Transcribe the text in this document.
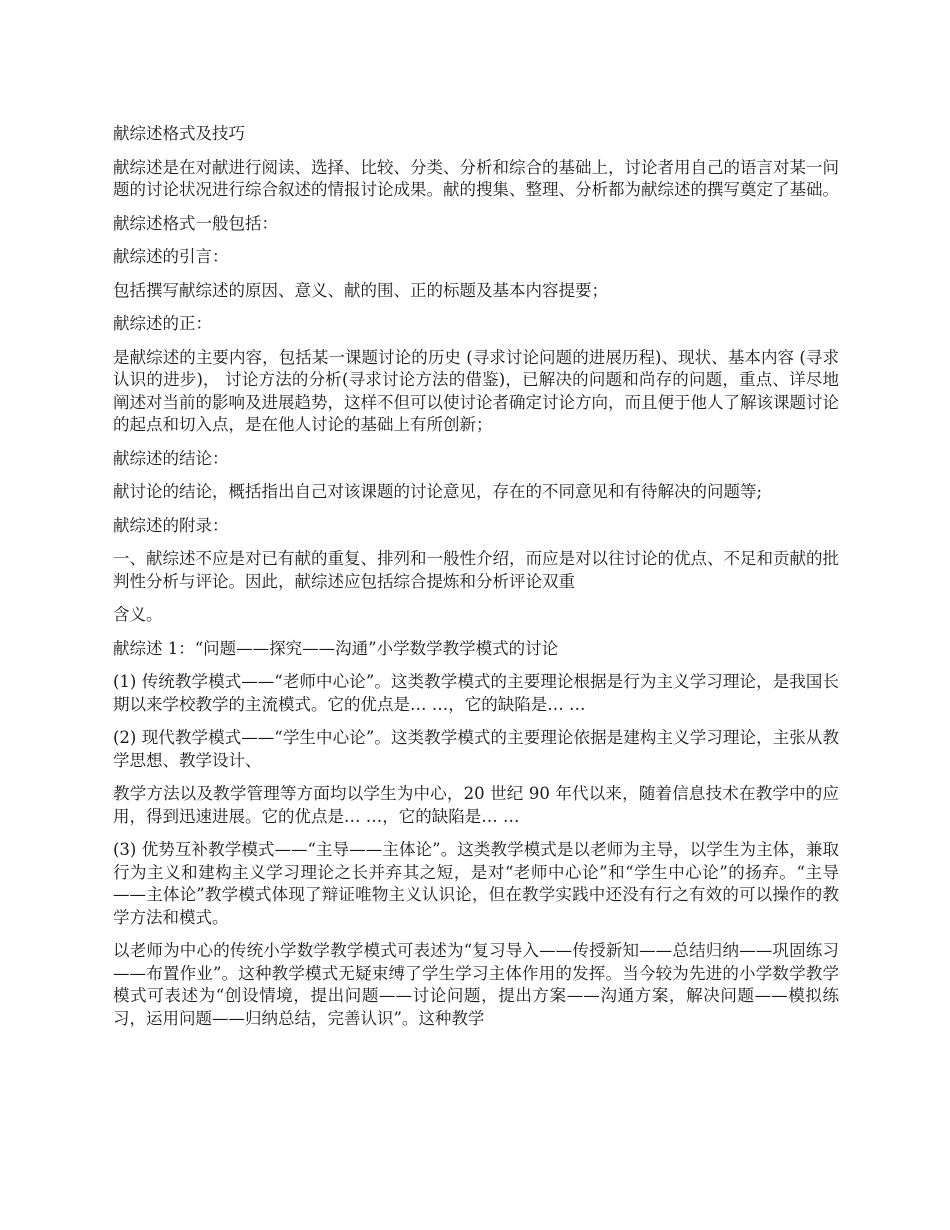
献综述格式及技巧

献综述是在对献进行阅读、选择、比较、分类、分析和综合的基础上，讨论者用自己的语言对某一问题的讨论状况进行综合叙述的情报讨论成果。献的搜集、整理、分析都为献综述的撰写奠定了基础。

献综述格式一般包括：

献综述的引言：

包括撰写献综述的原因、意义、献的围、正的标题及基本内容提要；

献综述的正：

是献综述的主要内容，包括某一课题讨论的历史 (寻求讨论问题的进展历程)、现状、基本内容 (寻求认识的进步)， 讨论方法的分析(寻求讨论方法的借鉴)，已解决的问题和尚存的问题，重点、详尽地阐述对当前的影响及进展趋势，这样不但可以使讨论者确定讨论方向，而且便于他人了解该课题讨论的起点和切入点，是在他人讨论的基础上有所创新；

献综述的结论：

献讨论的结论，概括指出自己对该课题的讨论意见，存在的不同意见和有待解决的问题等;

献综述的附录：

一、献综述不应是对已有献的重复、排列和一般性介绍，而应是对以往讨论的优点、不足和贡献的批判性分析与评论。因此，献综述应包括综合提炼和分析评论双重

含义。

献综述 1：“问题——探究——沟通”小学数学教学模式的讨论

(1) 传统教学模式——“老师中心论”。这类教学模式的主要理论根据是行为主义学习理论，是我国长期以来学校教学的主流模式。它的优点是… …，它的缺陷是… …

(2) 现代教学模式——“学生中心论”。这类教学模式的主要理论依据是建构主义学习理论，主张从教学思想、教学设计、

教学方法以及教学管理等方面均以学生为中心，20 世纪 90 年代以来，随着信息技术在教学中的应用，得到迅速进展。它的优点是… …，它的缺陷是… …

(3) 优势互补教学模式——“主导——主体论”。这类教学模式是以老师为主导，以学生为主体，兼取行为主义和建构主义学习理论之长并弃其之短，是对“老师中心论”和“学生中心论”的扬弃。“主导——主体论”教学模式体现了辩证唯物主义认识论，但在教学实践中还没有行之有效的可以操作的教学方法和模式。

以老师为中心的传统小学数学教学模式可表述为“复习导入——传授新知——总结归纳——巩固练习——布置作业”。这种教学模式无疑束缚了学生学习主体作用的发挥。当今较为先进的小学数学教学模式可表述为“创设情境，提出问题——讨论问题，提出方案——沟通方案，解决问题——模拟练习，运用问题——归纳总结，完善认识”。这种教学
